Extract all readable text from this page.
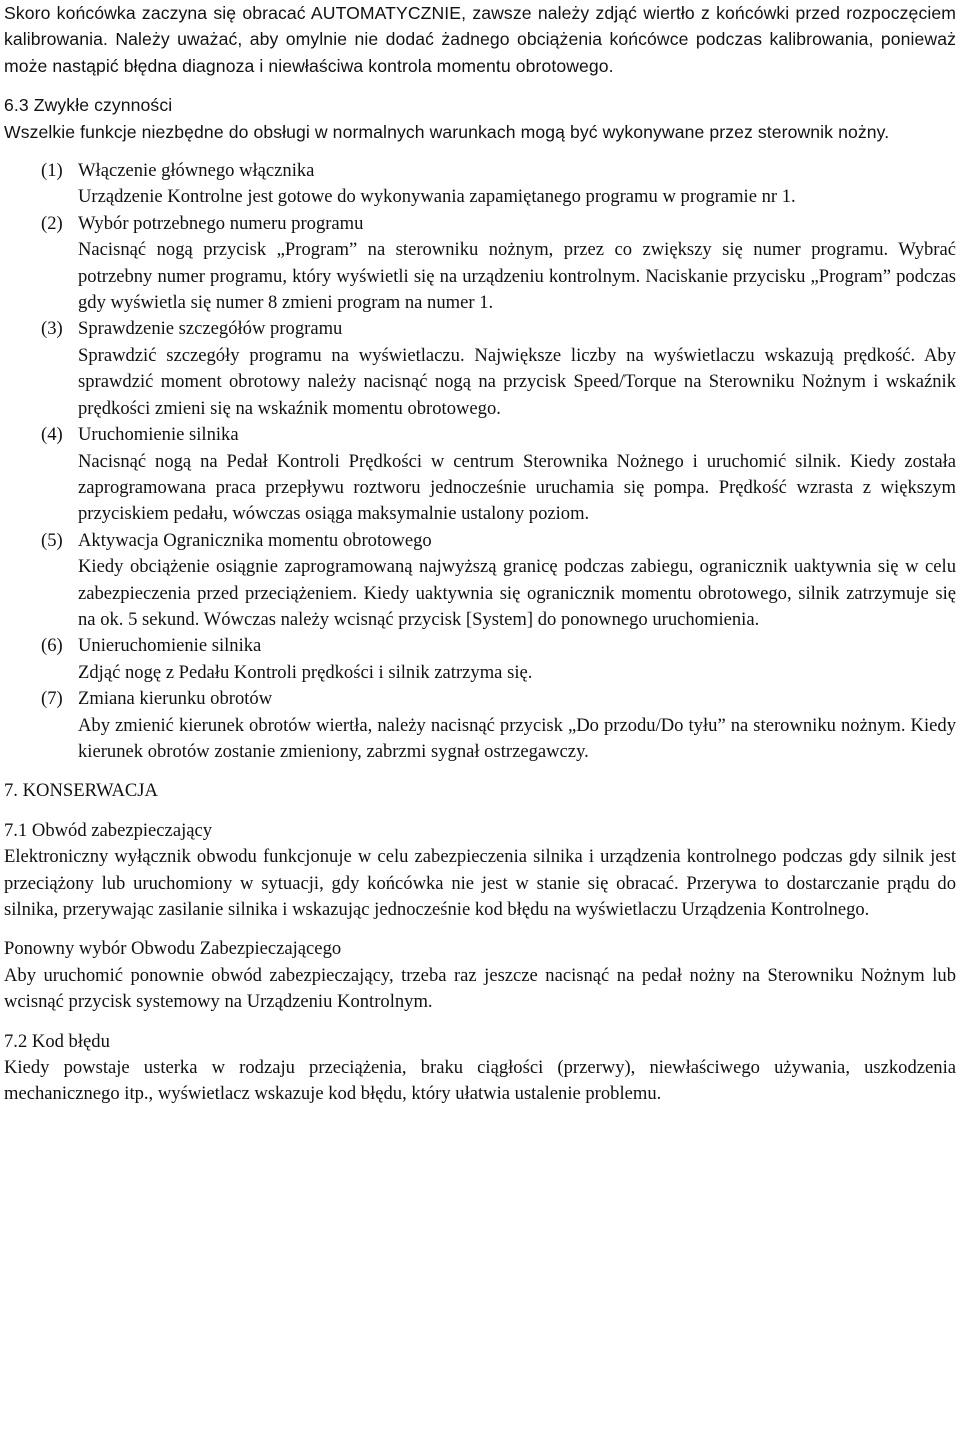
Skoro końcówka zaczyna się obracać AUTOMATYCZNIE, zawsze należy zdjąć wiertło z końcówki przed rozpoczęciem kalibrowania. Należy uważać, aby omylnie nie dodać żadnego obciążenia końcówce podczas kalibrowania, ponieważ może nastąpić błędna diagnoza i niewłaściwa kontrola momentu obrotowego.

6.3 Zwykłe czynności

Wszelkie funkcje niezbędne do obsługi w normalnych warunkach mogą być wykonywane przez sterownik nożny.

(1) Włączenie głównego włącznika
Urządzenie Kontrolne jest gotowe do wykonywania zapamiętanego programu w programie nr 1.
(2) Wybór potrzebnego numeru programu
Nacisnąć nogą przycisk „Program” na sterowniku nożnym, przez co zwiększy się numer programu. Wybrać potrzebny numer programu, który wyświetli się na urządzeniu kontrolnym. Naciskanie przycisku „Program” podczas gdy wyświetla się numer 8 zmieni program na numer 1.
(3) Sprawdzenie szczegółów programu
Sprawdzić szczegóły programu na wyświetlaczu. Największe liczby na wyświetlaczu wskazują prędkość. Aby sprawdzić moment obrotowy należy nacisnąć nogą na przycisk Speed/Torque na Sterowniku Nożnym i wskaźnik prędkości zmieni się na wskaźnik momentu obrotowego.
(4) Uruchomienie silnika
Nacisnąć nogą na Pedał Kontroli Prędkości w centrum Sterownika Nożnego i uruchomić silnik. Kiedy została zaprogramowana praca przepływu roztworu jednocześnie uruchamia się pompa. Prędkość wzrasta z większym przyciskiem pedału, wówczas osiąga maksymalnie ustalony poziom.
(5) Aktywacja Ogranicznika momentu obrotowego
Kiedy obciążenie osiągnie zaprogramowaną najwyższą granicę podczas zabiegu, ogranicznik uaktywnia się w celu zabezpieczenia przed przeciążeniem. Kiedy uaktywnia się ogranicznik momentu obrotowego, silnik zatrzymuje się na ok. 5 sekund. Wówczas należy wcisnąć przycisk [System] do ponownego uruchomienia.
(6) Unieruchomienie silnika
Zdjąć nogę z Pedału Kontroli prędkości i silnik zatrzyma się.
(7) Zmiana kierunku obrotów
Aby zmienić kierunek obrotów wiertła, należy nacisnąć przycisk „Do przodu/Do tyłu” na sterowniku nożnym. Kiedy kierunek obrotów zostanie zmieniony, zabrzmi sygnał ostrzegawczy.

7. KONSERWACJA

7.1 Obwód zabezpieczający

Elektroniczny wyłącznik obwodu funkcjonuje w celu zabezpieczenia silnika i urządzenia kontrolnego podczas gdy silnik jest przeciążony lub uruchomiony w sytuacji, gdy końcówka nie jest w stanie się obracać. Przerywa to dostarczanie prądu do silnika, przerywając zasilanie silnika i wskazując jednocześnie kod błędu na wyświetlaczu Urządzenia Kontrolnego.

Ponowny wybór Obwodu Zabezpieczającego

Aby uruchomić ponownie obwód zabezpieczający, trzeba raz jeszcze nacisnąć na pedał nożny na Sterowniku Nożnym lub wcisnąć przycisk systemowy na Urządzeniu Kontrolnym.

7.2 Kod błędu

Kiedy powstaje usterka w rodzaju przeciążenia, braku ciągłości (przerwy), niewłaściwego używania, uszkodzenia mechanicznego itp., wyświetlacz wskazuje kod błędu, który ułatwia ustalenie problemu.
